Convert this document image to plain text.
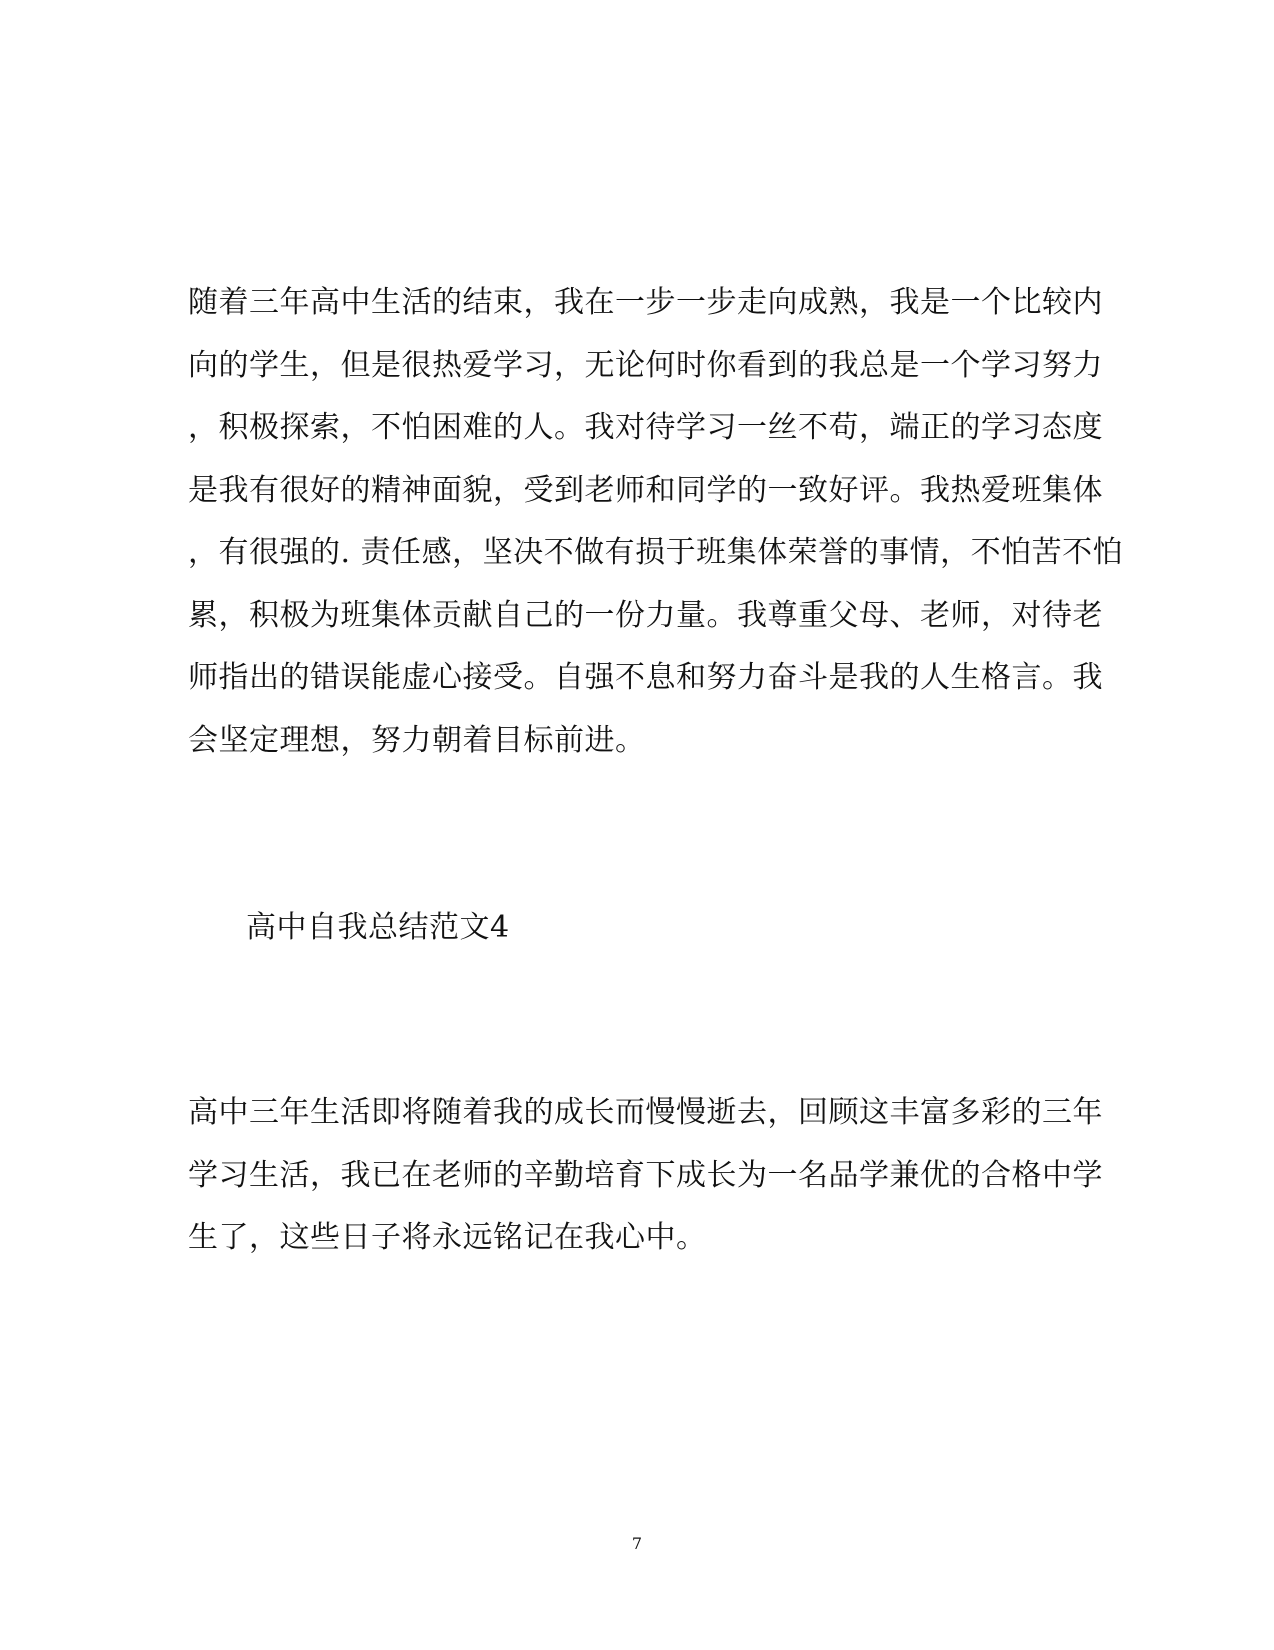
随着三年高中生活的结束，我在一步一步走向成熟，我是一个比较内
向的学生，但是很热爱学习，无论何时你看到的我总是一个学习努力
，积极探索，不怕困难的人。我对待学习一丝不苟，端正的学习态度
是我有很好的精神面貌，受到老师和同学的一致好评。我热爱班集体
，有很强的. 责任感，坚决不做有损于班集体荣誉的事情，不怕苦不怕
累，积极为班集体贡献自己的一份力量。我尊重父母、老师，对待老
师指出的错误能虚心接受。自强不息和努力奋斗是我的人生格言。我
会坚定理想，努力朝着目标前进。
高中自我总结范文4
高中三年生活即将随着我的成长而慢慢逝去，回顾这丰富多彩的三年
学习生活，我已在老师的辛勤培育下成长为一名品学兼优的合格中学
生了，这些日子将永远铭记在我心中。
7
